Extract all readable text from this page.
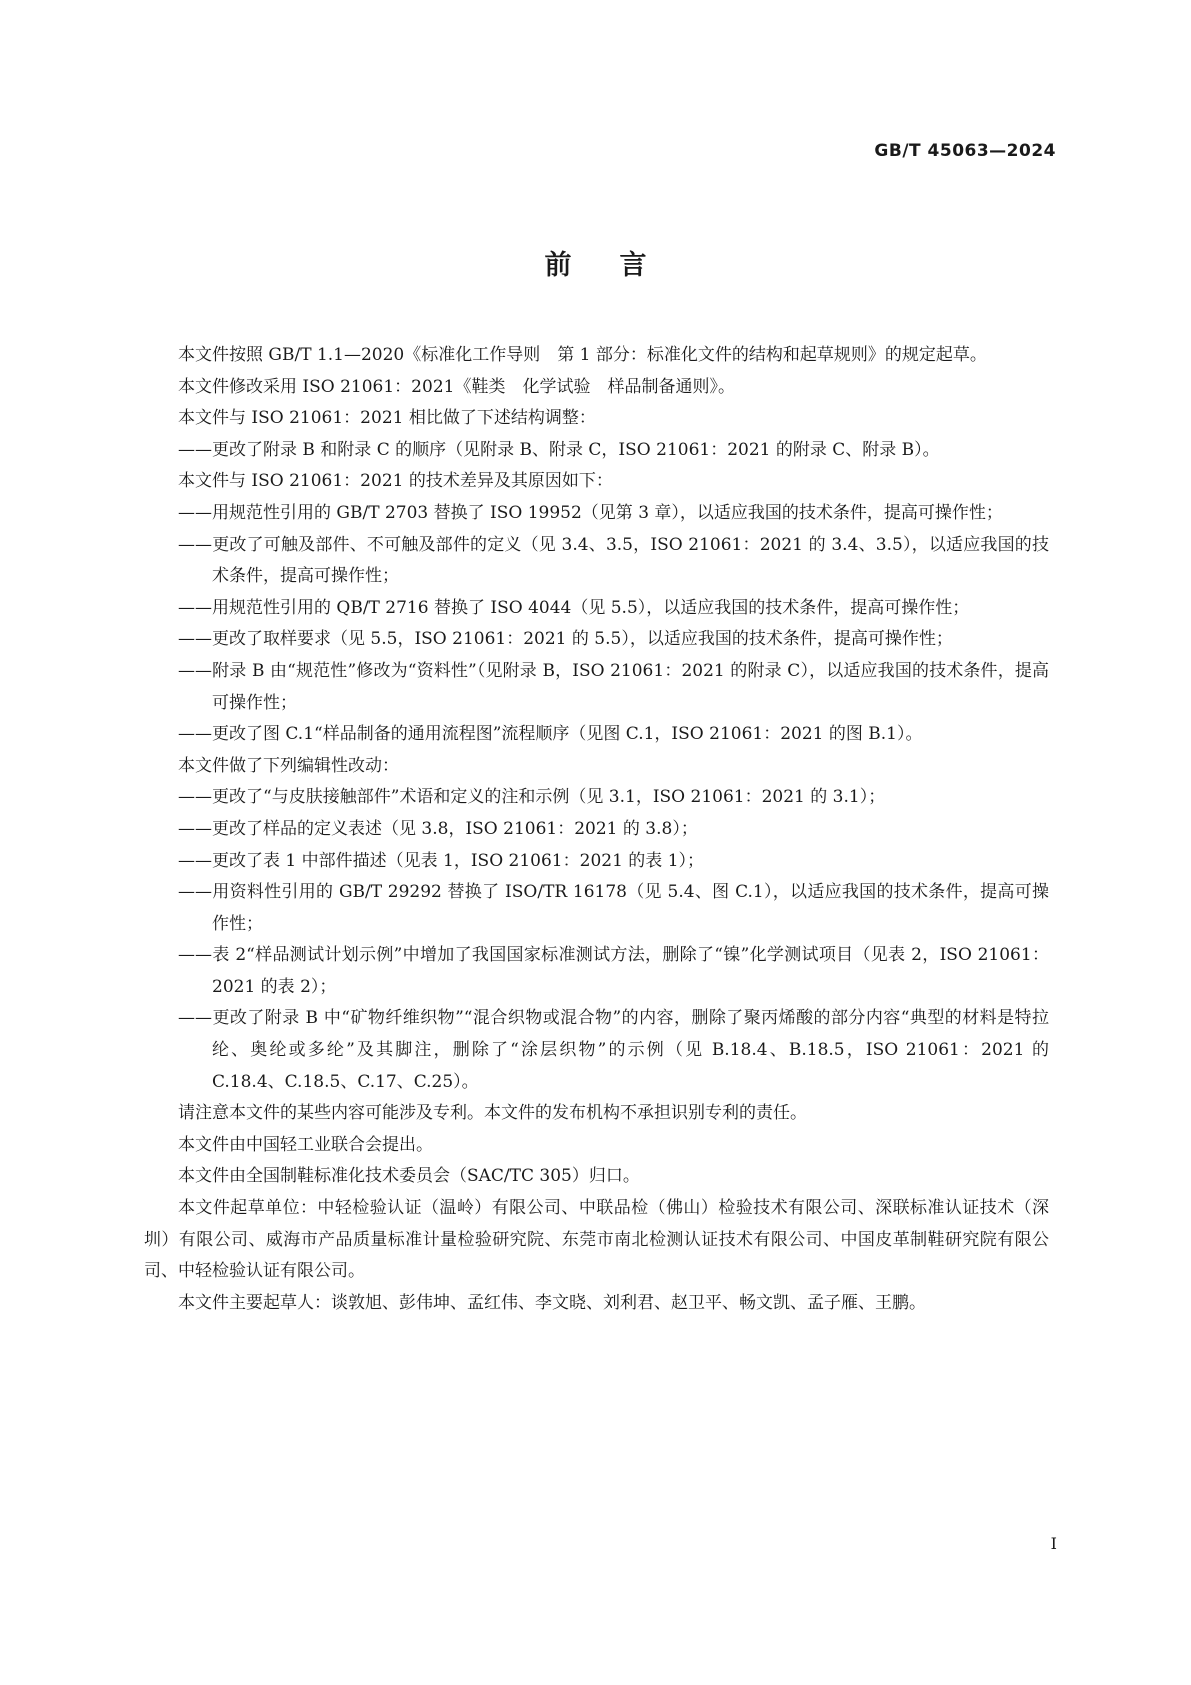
GB/T 45063—2024
前言

本文件按照 GB/T 1.1—2020《标准化工作导则　第 1 部分：标准化文件的结构和起草规则》的规定起草。

本文件修改采用 ISO 21061：2021《鞋类　化学试验　样品制备通则》。

本文件与 ISO 21061：2021 相比做了下述结构调整：

——更改了附录 B 和附录 C 的顺序（见附录 B、附录 C，ISO 21061：2021 的附录 C、附录 B）。

本文件与 ISO 21061：2021 的技术差异及其原因如下：

——用规范性引用的 GB/T 2703 替换了 ISO 19952（见第 3 章），以适应我国的技术条件，提高可操作性；

——更改了可触及部件、不可触及部件的定义（见 3.4、3.5，ISO 21061：2021 的 3.4、3.5），以适应我国的技术条件，提高可操作性；

——用规范性引用的 QB/T 2716 替换了 ISO 4044（见 5.5），以适应我国的技术条件，提高可操作性；

——更改了取样要求（见 5.5，ISO 21061：2021 的 5.5），以适应我国的技术条件，提高可操作性；

——附录 B 由“规范性”修改为“资料性”（见附录 B，ISO 21061：2021 的附录 C），以适应我国的技术条件，提高可操作性；

——更改了图 C.1“样品制备的通用流程图”流程顺序（见图 C.1，ISO 21061：2021 的图 B.1）。

本文件做了下列编辑性改动：

——更改了“与皮肤接触部件”术语和定义的注和示例（见 3.1，ISO 21061：2021 的 3.1）；

——更改了样品的定义表述（见 3.8，ISO 21061：2021 的 3.8）；

——更改了表 1 中部件描述（见表 1，ISO 21061：2021 的表 1）；

——用资料性引用的 GB/T 29292 替换了 ISO/TR 16178（见 5.4、图 C.1），以适应我国的技术条件，提高可操作性；

——表 2“样品测试计划示例”中增加了我国国家标准测试方法，删除了“镍”化学测试项目（见表 2，ISO 21061：2021 的表 2）；

——更改了附录 B 中“矿物纤维织物”“混合织物或混合物”的内容，删除了聚丙烯酸的部分内容“典型的材料是特拉纶、奥纶或多纶”及其脚注，删除了“涂层织物”的示例（见 B.18.4、B.18.5，ISO 21061：2021 的 C.18.4、C.18.5、C.17、C.25）。

请注意本文件的某些内容可能涉及专利。本文件的发布机构不承担识别专利的责任。

本文件由中国轻工业联合会提出。

本文件由全国制鞋标准化技术委员会（SAC/TC 305）归口。

本文件起草单位：中轻检验认证（温岭）有限公司、中联品检（佛山）检验技术有限公司、深联标准认证技术（深圳）有限公司、威海市产品质量标准计量检验研究院、东莞市南北检测认证技术有限公司、中国皮革制鞋研究院有限公司、中轻检验认证有限公司。

本文件主要起草人：谈敦旭、彭伟坤、孟红伟、李文晓、刘利君、赵卫平、畅文凯、孟子雁、王鹏。

I
